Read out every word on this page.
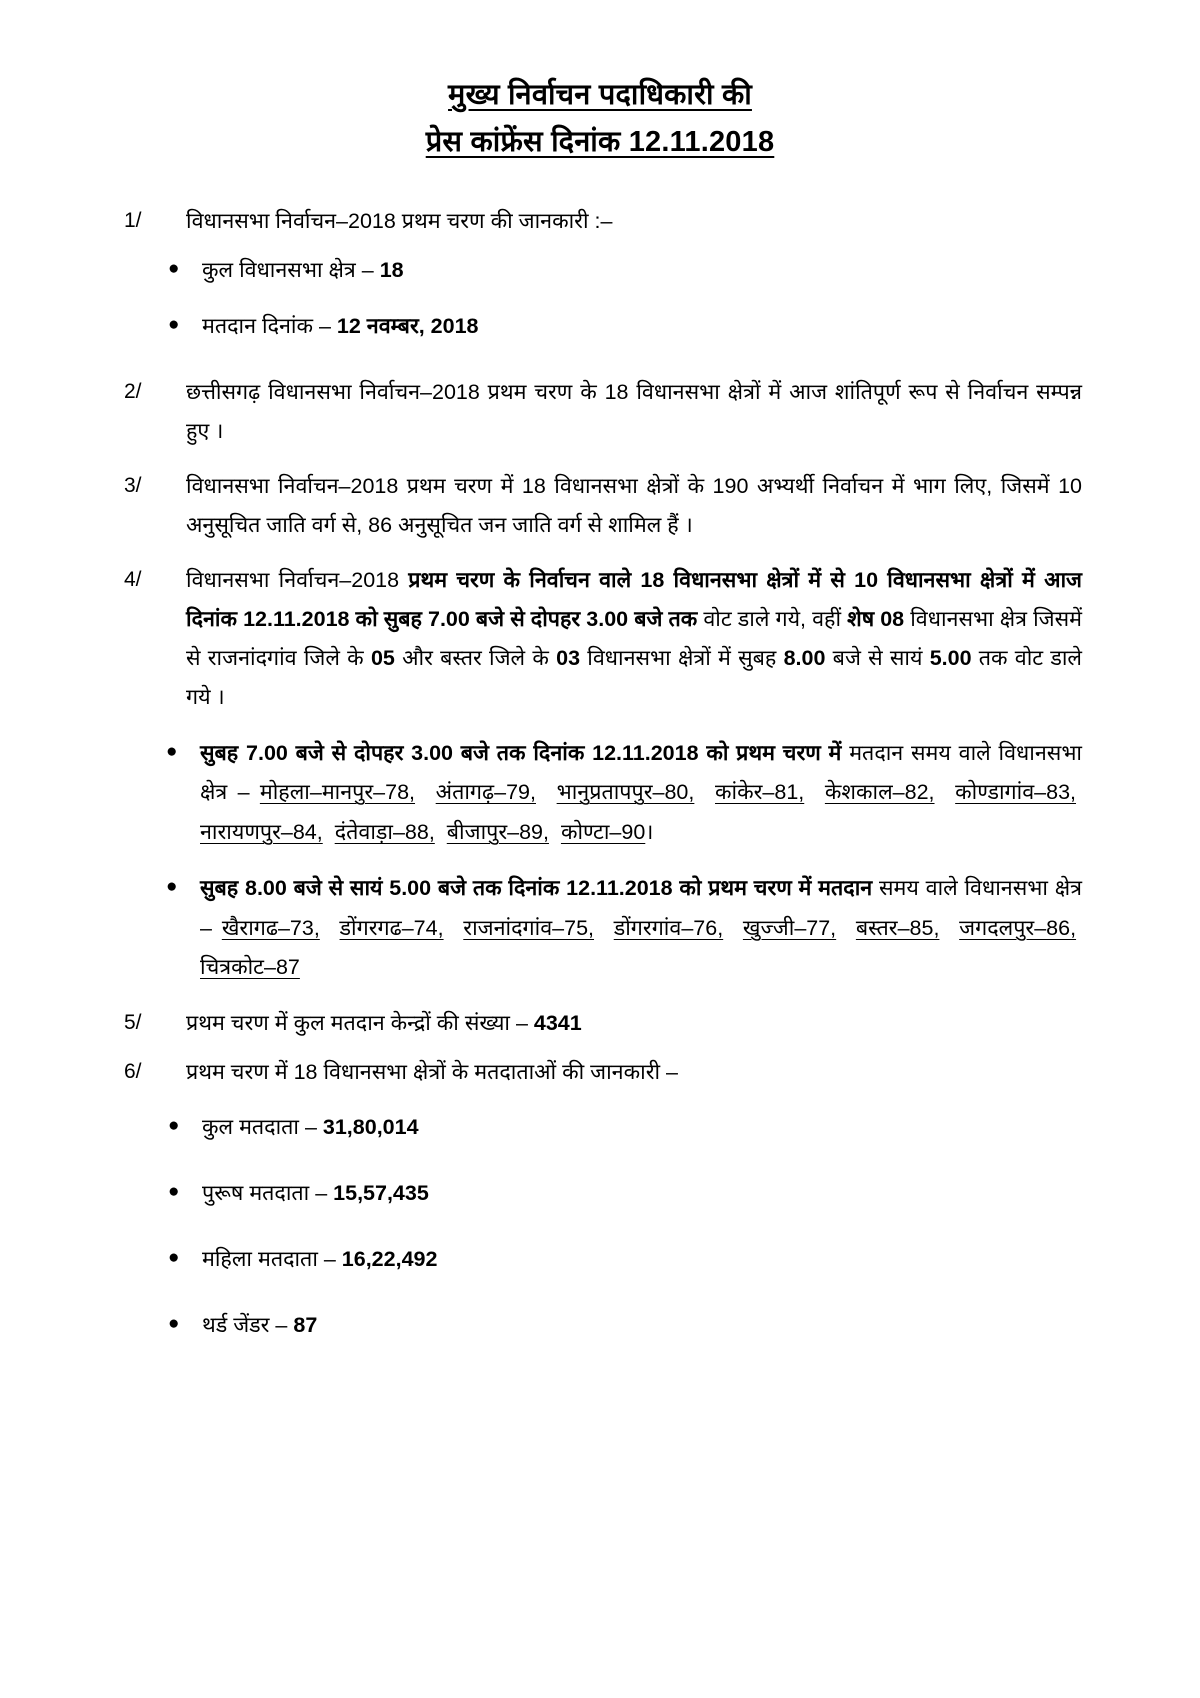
मुख्य निर्वाचन पदाधिकारी की
प्रेस कांफ्रेंस दिनांक 12.11.2018
1/	विधानसभा निर्वाचन–2018 प्रथम चरण की जानकारी :–
●	कुल विधानसभा क्षेत्र – 18
●	मतदान दिनांक – 12 नवम्बर, 2018
2/	छत्तीसगढ़ विधानसभा निर्वाचन–2018 प्रथम चरण के 18 विधानसभा क्षेत्रों में आज शांतिपूर्ण रूप से निर्वाचन सम्पन्न हुए ।
3/	विधानसभा निर्वाचन–2018 प्रथम चरण में 18 विधानसभा क्षेत्रों के 190 अभ्यर्थी निर्वाचन में भाग लिए, जिसमें 10 अनुसूचित जाति वर्ग से, 86 अनुसूचित जन जाति वर्ग से शामिल हैं ।
4/	विधानसभा निर्वाचन–2018 प्रथम चरण के निर्वाचन वाले 18 विधानसभा क्षेत्रों में से 10 विधानसभा क्षेत्रों में आज दिनांक 12.11.2018 को सुबह 7.00 बजे से दोपहर 3.00 बजे तक वोट डाले गये, वहीं शेष 08 विधानसभा क्षेत्र जिसमें से राजनांदगांव जिले के 05 और बस्तर जिले के 03 विधानसभा क्षेत्रों में सुबह 8.00 बजे से सायं 5.00 तक वोट डाले गये ।
●	सुबह 7.00 बजे से दोपहर 3.00 बजे तक दिनांक 12.11.2018 को प्रथम चरण में मतदान समय वाले विधानसभा क्षेत्र – मोहला–मानपुर–78, अंतागढ़–79, भानुप्रतापपुर–80, कांकेर–81, केशकाल–82, कोण्डागांव–83,  नारायणपुर–84, दंतेवाड़ा–88, बीजापुर–89, कोण्टा–90।
●	सुबह 8.00 बजे से सायं 5.00 बजे तक दिनांक 12.11.2018 को प्रथम चरण में मतदान समय वाले विधानसभा क्षेत्र – खैरागढ–73, डोंगरगढ–74, राजनांदगांव–75, डोंगरगांव–76, खुज्जी–77, बस्तर–85, जगदलपुर–86,  चित्रकोट–87
5/	प्रथम चरण में कुल मतदान केन्द्रों की संख्या – 4341
6/	प्रथम चरण में 18 विधानसभा क्षेत्रों के मतदाताओं की जानकारी –
●	कुल मतदाता – 31,80,014
●	पुरूष मतदाता – 15,57,435
●	महिला मतदाता – 16,22,492
●	थर्ड जेंडर – 87
